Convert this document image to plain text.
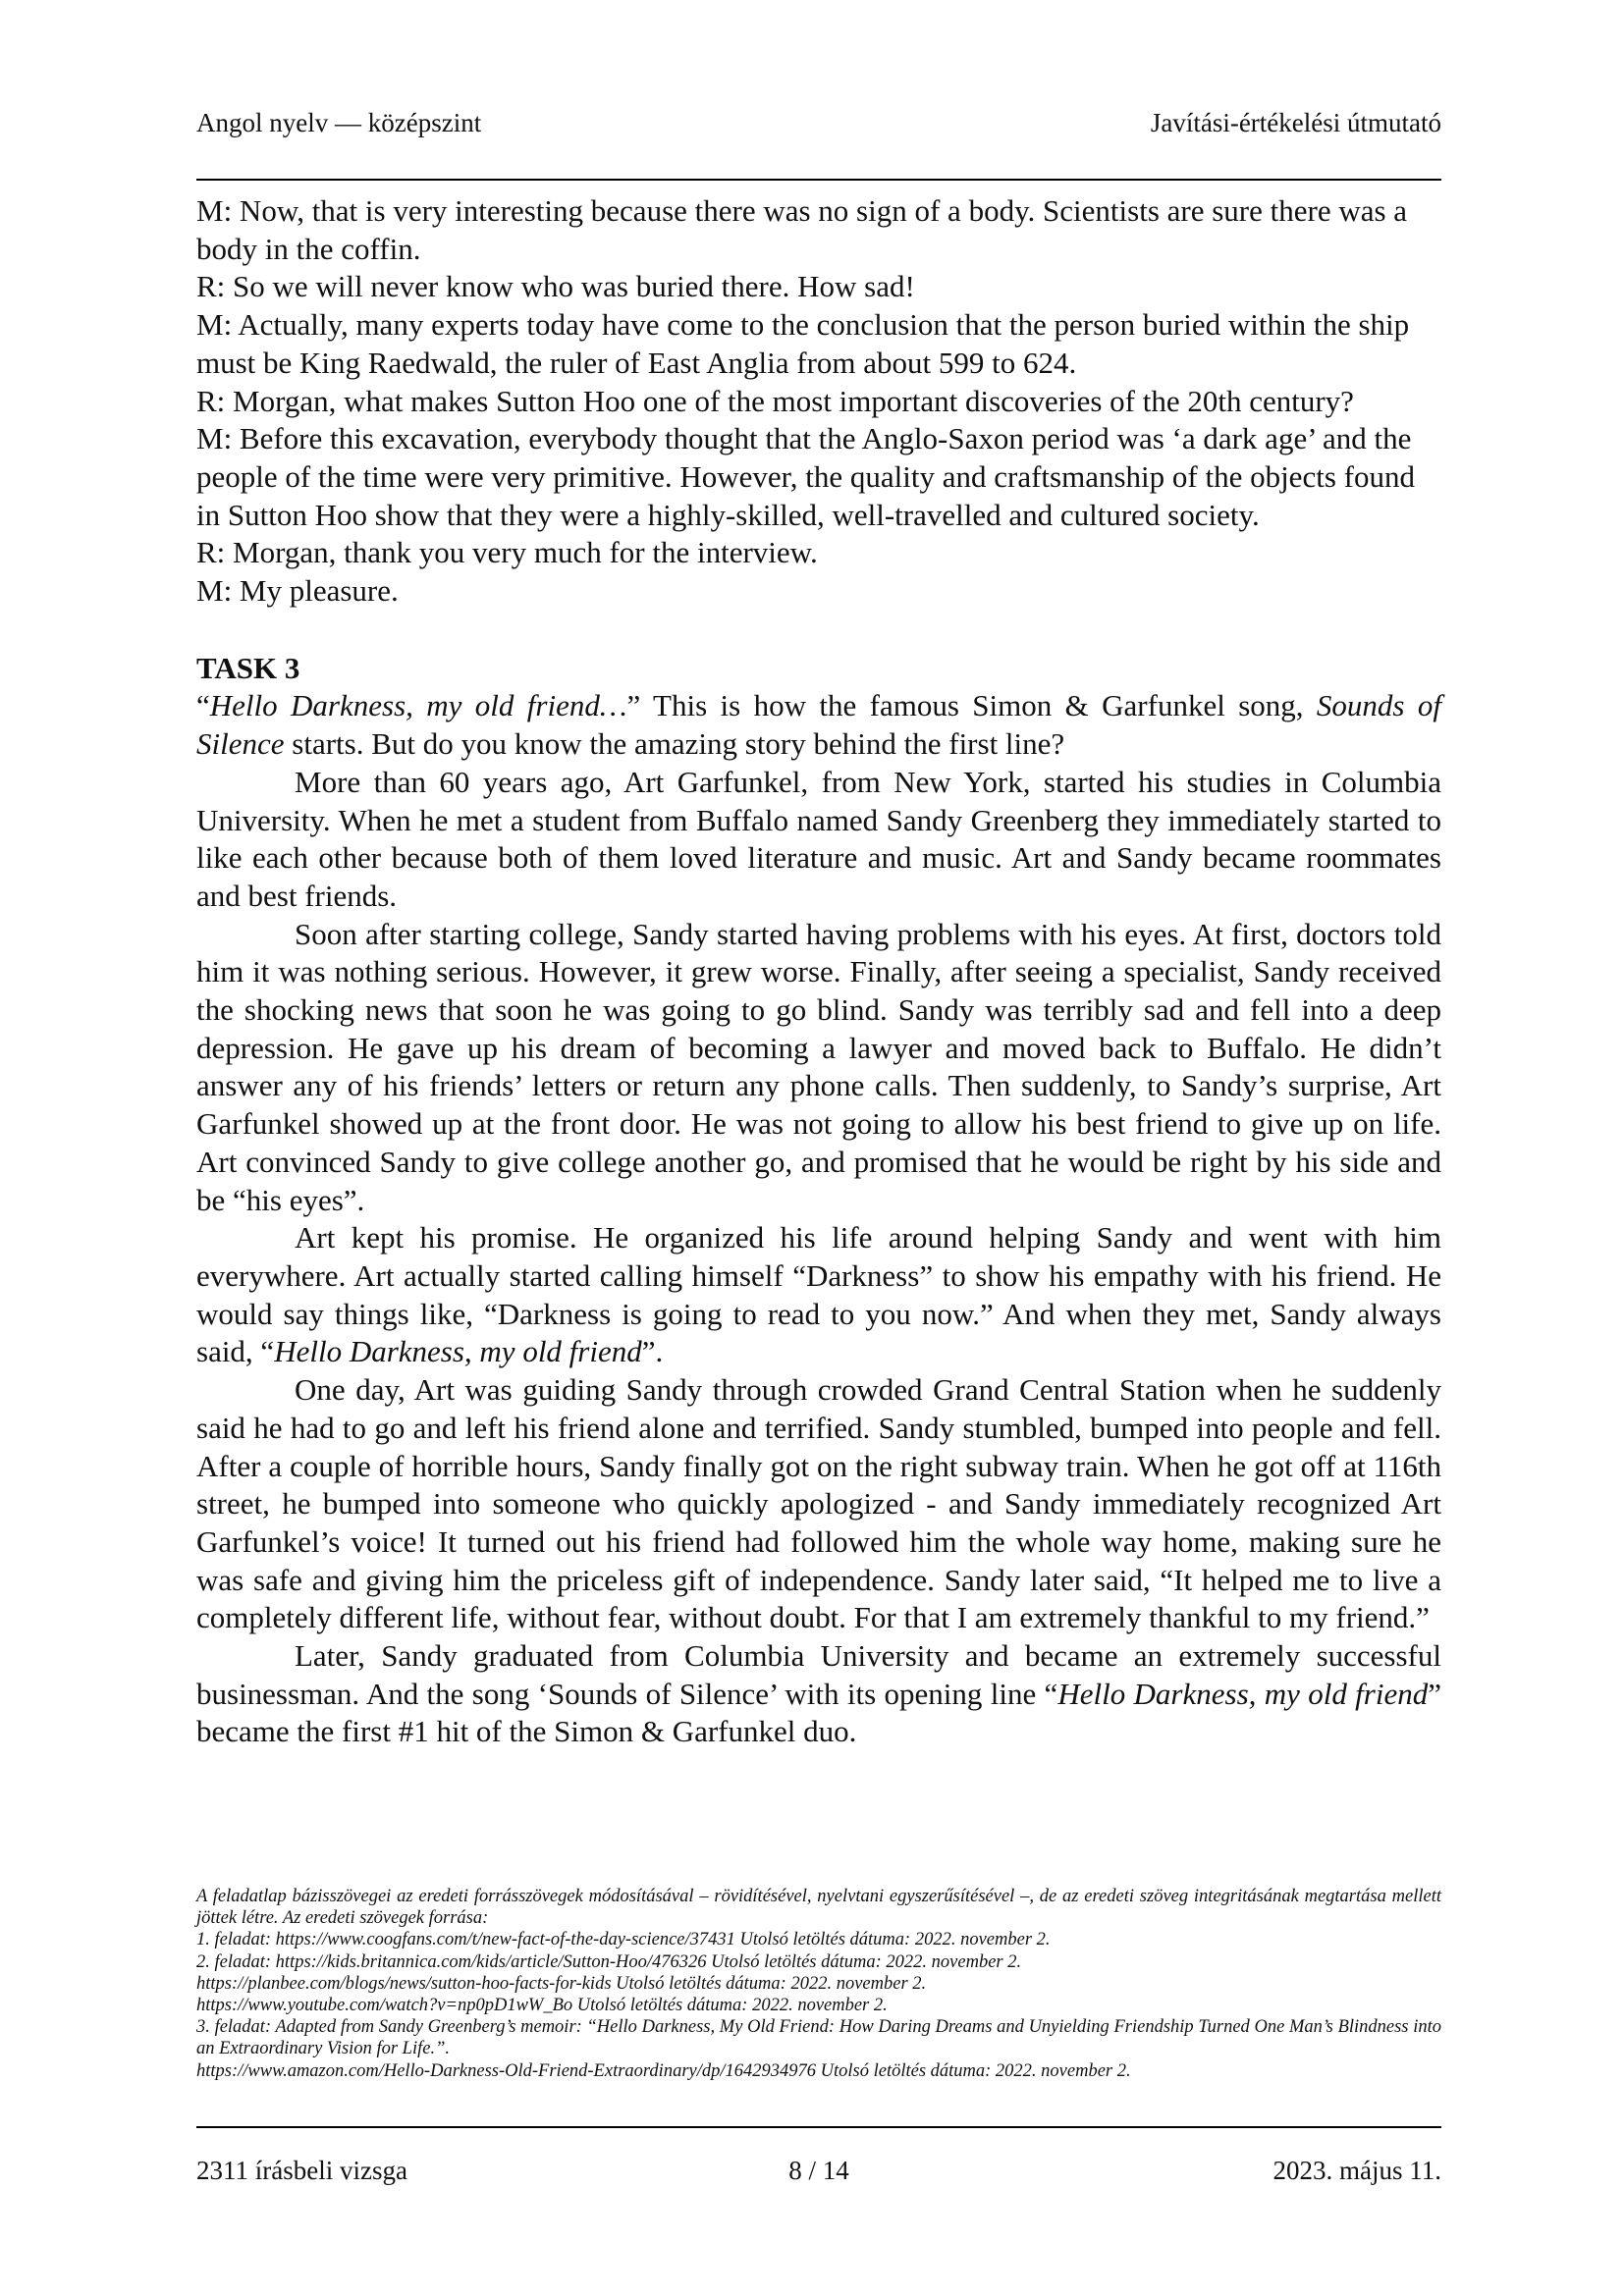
Angol nyelv — középszint	Javítási-értékelési útmutató

M: Now, that is very interesting because there was no sign of a body. Scientists are sure there was a body in the coffin.

R: So we will never know who was buried there. How sad!

M: Actually, many experts today have come to the conclusion that the person buried within the ship must be King Raedwald, the ruler of East Anglia from about 599 to 624.

R: Morgan, what makes Sutton Hoo one of the most important discoveries of the 20th century?

M: Before this excavation, everybody thought that the Anglo-Saxon period was ‘a dark age’ and the people of the time were very primitive. However, the quality and craftsmanship of the objects found in Sutton Hoo show that they were a highly-skilled, well-travelled and cultured society.

R: Morgan, thank you very much for the interview.

M: My pleasure.

TASK 3

“Hello Darkness, my old friend…” This is how the famous Simon & Garfunkel song, Sounds of Silence starts. But do you know the amazing story behind the first line?

More than 60 years ago, Art Garfunkel, from New York, started his studies in Columbia University. When he met a student from Buffalo named Sandy Greenberg they immediately started to like each other because both of them loved literature and music. Art and Sandy became roommates and best friends.

Soon after starting college, Sandy started having problems with his eyes. At first, doctors told him it was nothing serious. However, it grew worse. Finally, after seeing a specialist, Sandy received the shocking news that soon he was going to go blind. Sandy was terribly sad and fell into a deep depression. He gave up his dream of becoming a lawyer and moved back to Buffalo. He didn’t answer any of his friends’ letters or return any phone calls. Then suddenly, to Sandy’s surprise, Art Garfunkel showed up at the front door. He was not going to allow his best friend to give up on life. Art convinced Sandy to give college another go, and promised that he would be right by his side and be “his eyes”.

Art kept his promise. He organized his life around helping Sandy and went with him everywhere. Art actually started calling himself “Darkness” to show his empathy with his friend. He would say things like, “Darkness is going to read to you now.” And when they met, Sandy always said, “Hello Darkness, my old friend”.

One day, Art was guiding Sandy through crowded Grand Central Station when he suddenly said he had to go and left his friend alone and terrified. Sandy stumbled, bumped into people and fell. After a couple of horrible hours, Sandy finally got on the right subway train. When he got off at 116th street, he bumped into someone who quickly apologized - and Sandy immediately recognized Art Garfunkel’s voice! It turned out his friend had followed him the whole way home, making sure he was safe and giving him the priceless gift of independence. Sandy later said, “It helped me to live a completely different life, without fear, without doubt. For that I am extremely thankful to my friend.”

Later, Sandy graduated from Columbia University and became an extremely successful businessman. And the song ‘Sounds of Silence’ with its opening line “Hello Darkness, my old friend” became the first #1 hit of the Simon & Garfunkel duo.

A feladatlap bázisszövegei az eredeti forrásszövegek módosításával – rövidítésével, nyelvtani egyszerűsítésével –, de az eredeti szöveg integritásának megtartása mellett jöttek létre. Az eredeti szövegek forrása:

1. feladat: https://www.coogfans.com/t/new-fact-of-the-day-science/37431 Utolsó letöltés dátuma: 2022. november 2.

2. feladat: https://kids.britannica.com/kids/article/Sutton-Hoo/476326 Utolsó letöltés dátuma: 2022. november 2.

https://planbee.com/blogs/news/sutton-hoo-facts-for-kids Utolsó letöltés dátuma: 2022. november 2.

https://www.youtube.com/watch?v=np0pD1wW_Bo Utolsó letöltés dátuma: 2022. november 2.

3. feladat: Adapted from Sandy Greenberg’s memoir: “Hello Darkness, My Old Friend: How Daring Dreams and Unyielding Friendship Turned One Man’s Blindness into an Extraordinary Vision for Life.”.

https://www.amazon.com/Hello-Darkness-Old-Friend-Extraordinary/dp/1642934976 Utolsó letöltés dátuma: 2022. november 2.

2311 írásbeli vizsga	8 / 14	2023. május 11.
